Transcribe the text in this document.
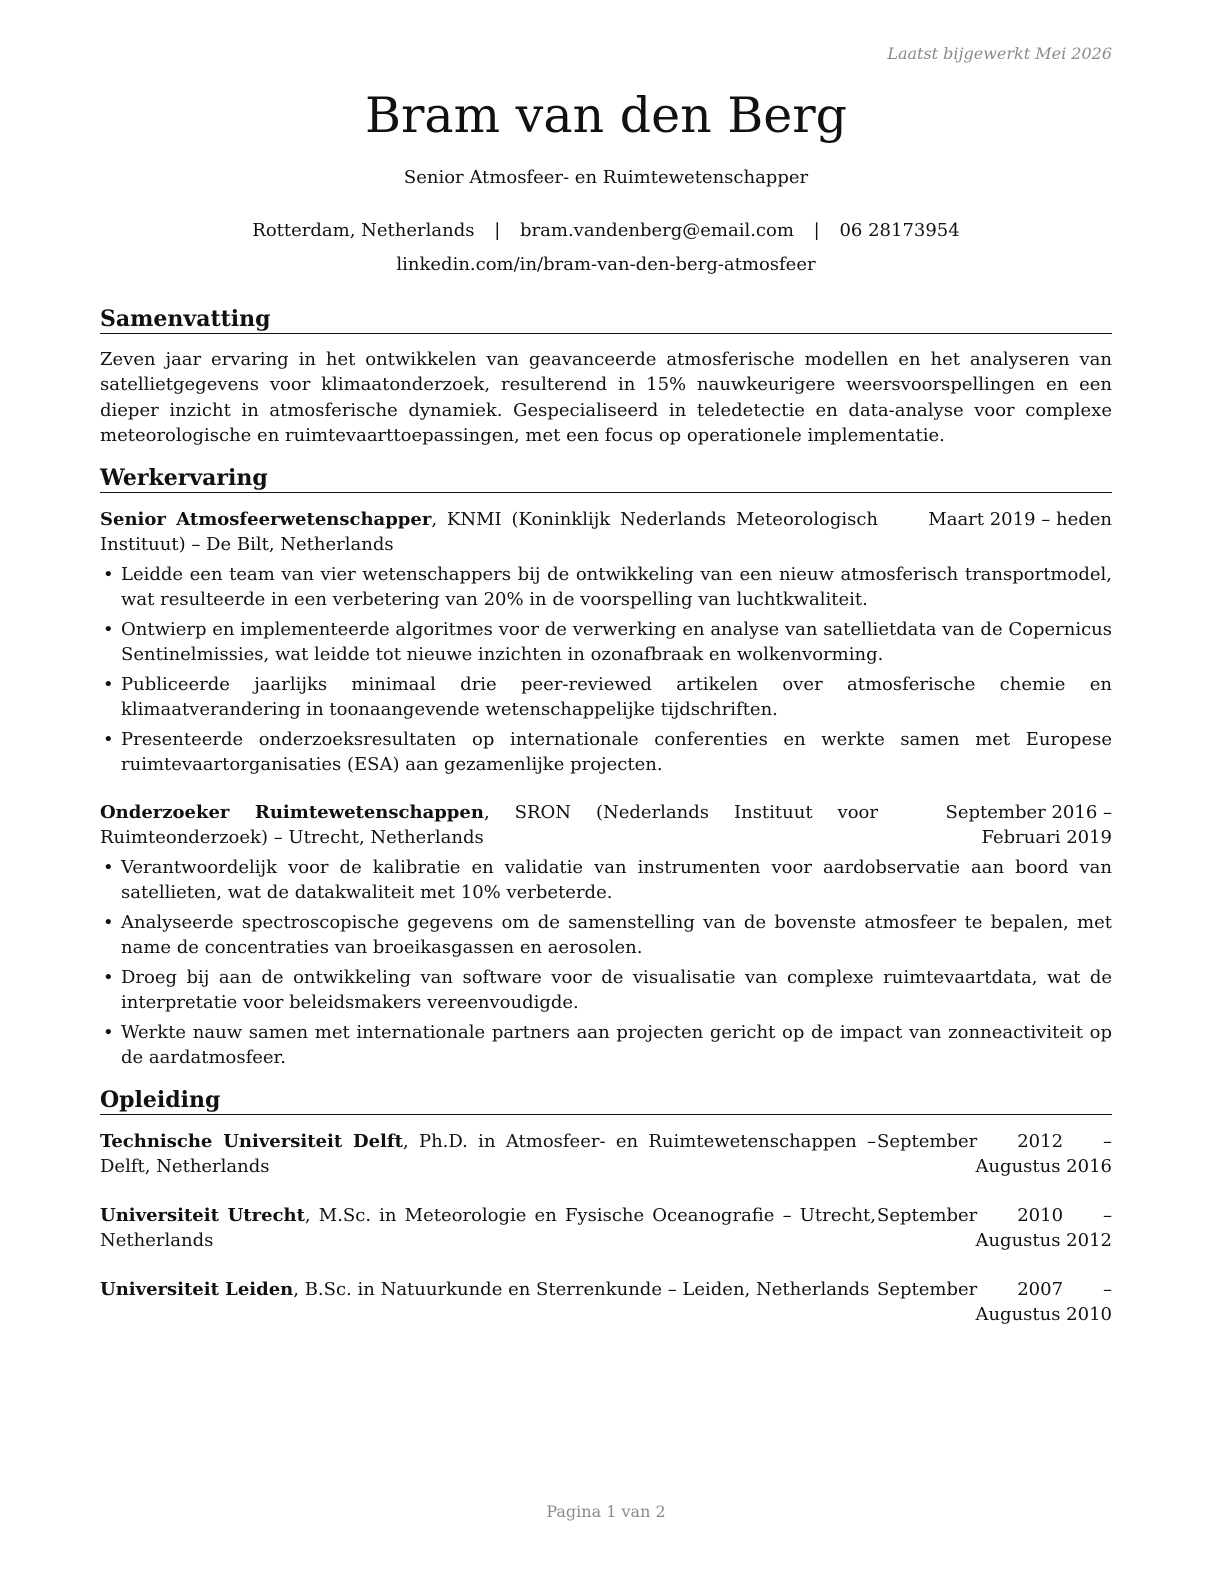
Laatst bijgewerkt Mei 2026
Bram van den Berg
Senior Atmosfeer- en Ruimtewetenschapper
Rotterdam, Netherlands | bram.vandenberg@email.com | 06 28173954
linkedin.com/in/bram-van-den-berg-atmosfeer
Samenvatting

Zeven jaar ervaring in het ontwikkelen van geavanceerde atmosferische modellen en het analyseren van satellietgegevens voor klimaatonderzoek, resulterend in 15% nauwkeurigere weersvoorspellingen en een dieper inzicht in atmosferische dynamiek. Gespecialiseerd in teledetectie en data-analyse voor complexe meteorologische en ruimtevaarttoepassingen, met een focus op operationele implementatie.

Werkervaring
Senior Atmosfeerwetenschapper, KNMI (Koninklijk Nederlands Meteorologisch Instituut) – De Bilt, Netherlands
Maart 2019 – heden
• Leidde een team van vier wetenschappers bij de ontwikkeling van een nieuw atmosferisch transportmodel, wat resulteerde in een verbetering van 20% in de voorspelling van luchtkwaliteit.
• Ontwierp en implementeerde algoritmes voor de verwerking en analyse van satellietdata van de Copernicus Sentinelmissies, wat leidde tot nieuwe inzichten in ozonafbraak en wolkenvorming.
• Publiceerde jaarlijks minimaal drie peer-reviewed artikelen over atmosferische chemie en klimaatverandering in toonaangevende wetenschappelijke tijdschriften.
• Presenteerde onderzoeksresultaten op internationale conferenties en werkte samen met Europese ruimtevaartorganisaties (ESA) aan gezamenlijke projecten.
Onderzoeker Ruimtewetenschappen, SRON (Nederlands Instituut voor Ruimteonderzoek) – Utrecht, Netherlands
September 2016 – Februari 2019
• Verantwoordelijk voor de kalibratie en validatie van instrumenten voor aardobservatie aan boord van satellieten, wat de datakwaliteit met 10% verbeterde.
• Analyseerde spectroscopische gegevens om de samenstelling van de bovenste atmosfeer te bepalen, met name de concentraties van broeikasgassen en aerosolen.
• Droeg bij aan de ontwikkeling van software voor de visualisatie van complexe ruimtevaartdata, wat de interpretatie voor beleidsmakers vereenvoudigde.
• Werkte nauw samen met internationale partners aan projecten gericht op de impact van zonneactiviteit op de aardatmosfeer.
Opleiding
Technische Universiteit Delft, Ph.D. in Atmosfeer- en Ruimtewetenschappen – Delft, Netherlands
September 2012 – Augustus 2016
Universiteit Utrecht, M.Sc. in Meteorologie en Fysische Oceanografie – Utrecht, Netherlands
September 2010 – Augustus 2012
Universiteit Leiden, B.Sc. in Natuurkunde en Sterrenkunde – Leiden, Netherlands September 2007 – Augustus 2010
Pagina 1 van 2
